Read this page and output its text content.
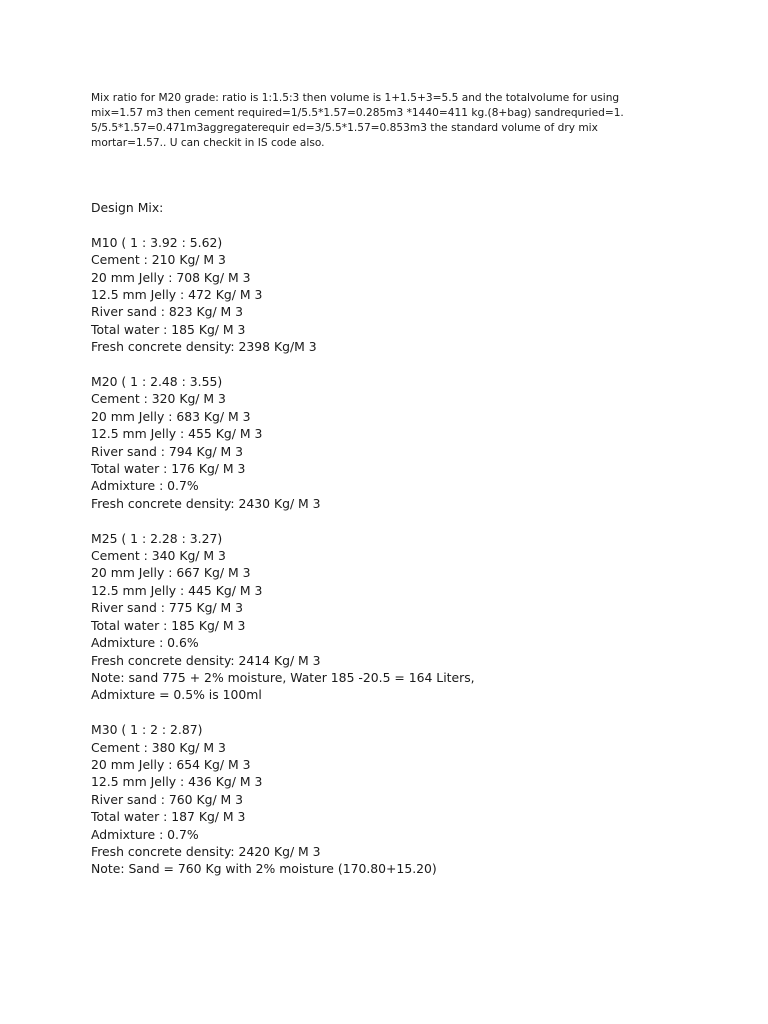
Mix ratio for M20 grade: ratio is 1:1.5:3 then volume is 1+1.5+3=5.5 and the totalvolume for using
mix=1.57 m3 then cement required=1/5.5*1.57=0.285m3 *1440=411 kg.(8+bag) sandrequried=1.
5/5.5*1.57=0.471m3aggregaterequir ed=3/5.5*1.57=0.853m3 the standard volume of dry mix
mortar=1.57.. U can checkit in IS code also.

Design Mix:
M10 ( 1 : 3.92 : 5.62)
Cement : 210 Kg/ M 3
20 mm Jelly : 708 Kg/ M 3
12.5 mm Jelly : 472 Kg/ M 3
River sand : 823 Kg/ M 3
Total water : 185 Kg/ M 3
Fresh concrete density: 2398 Kg/M 3
M20 ( 1 : 2.48 : 3.55)
Cement : 320 Kg/ M 3
20 mm Jelly : 683 Kg/ M 3
12.5 mm Jelly : 455 Kg/ M 3
River sand : 794 Kg/ M 3
Total water : 176 Kg/ M 3
Admixture : 0.7%
Fresh concrete density: 2430 Kg/ M 3
M25 ( 1 : 2.28 : 3.27)
Cement : 340 Kg/ M 3
20 mm Jelly : 667 Kg/ M 3
12.5 mm Jelly : 445 Kg/ M 3
River sand : 775 Kg/ M 3
Total water : 185 Kg/ M 3
Admixture : 0.6%
Fresh concrete density: 2414 Kg/ M 3
Note: sand 775 + 2% moisture, Water 185 -20.5 = 164 Liters,
Admixture = 0.5% is 100ml
M30 ( 1 : 2 : 2.87)
Cement : 380 Kg/ M 3
20 mm Jelly : 654 Kg/ M 3
12.5 mm Jelly : 436 Kg/ M 3
River sand : 760 Kg/ M 3
Total water : 187 Kg/ M 3
Admixture : 0.7%
Fresh concrete density: 2420 Kg/ M 3
Note: Sand = 760 Kg with 2% moisture (170.80+15.20)
